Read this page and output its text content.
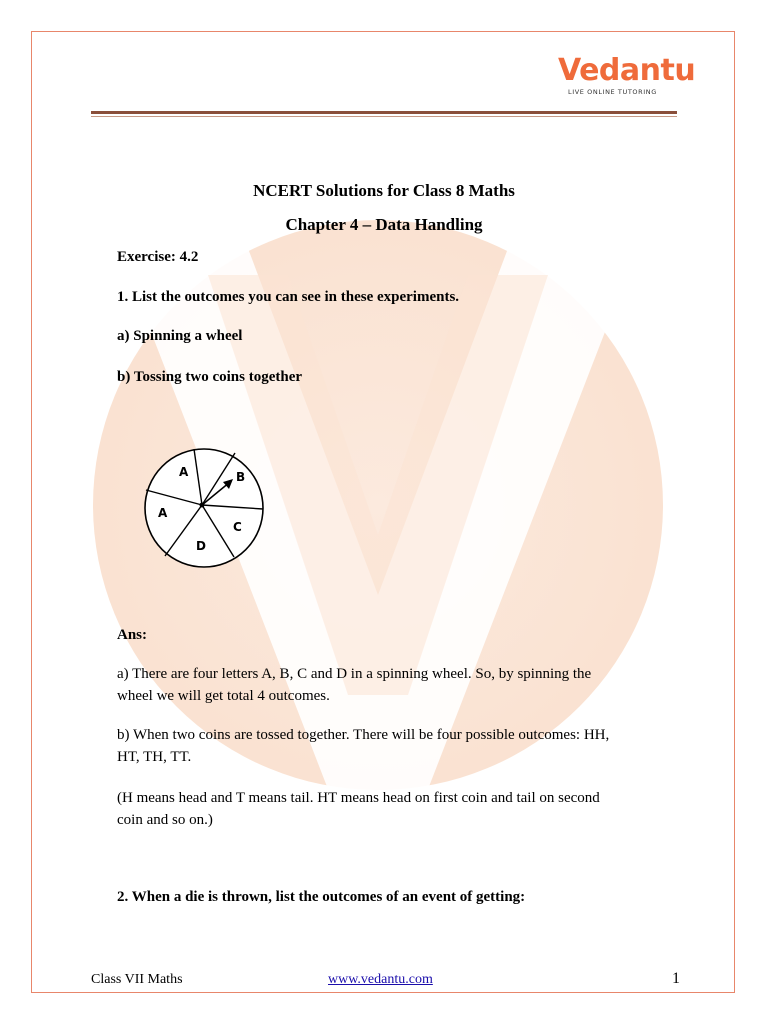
Vedantu
LIVE ONLINE TUTORING
NCERT Solutions for Class 8 Maths
Chapter 4 – Data Handling
Exercise: 4.2
1. List the outcomes you can see in these experiments.
a) Spinning a wheel
b) Tossing two coins together
A	B
A
C
D
Ans:
a) There are four letters A, B, C and D in a spinning wheel. So, by spinning the
wheel we will get total 4 outcomes.
b) When two coins are tossed together. There will be four possible outcomes: HH,
HT, TH, TT.
(H means head and T means tail. HT means head on first coin and tail on second
coin and so on.)
2. When a die is thrown, list the outcomes of an event of getting:
Class VII Maths	www.vedantu.com	1
